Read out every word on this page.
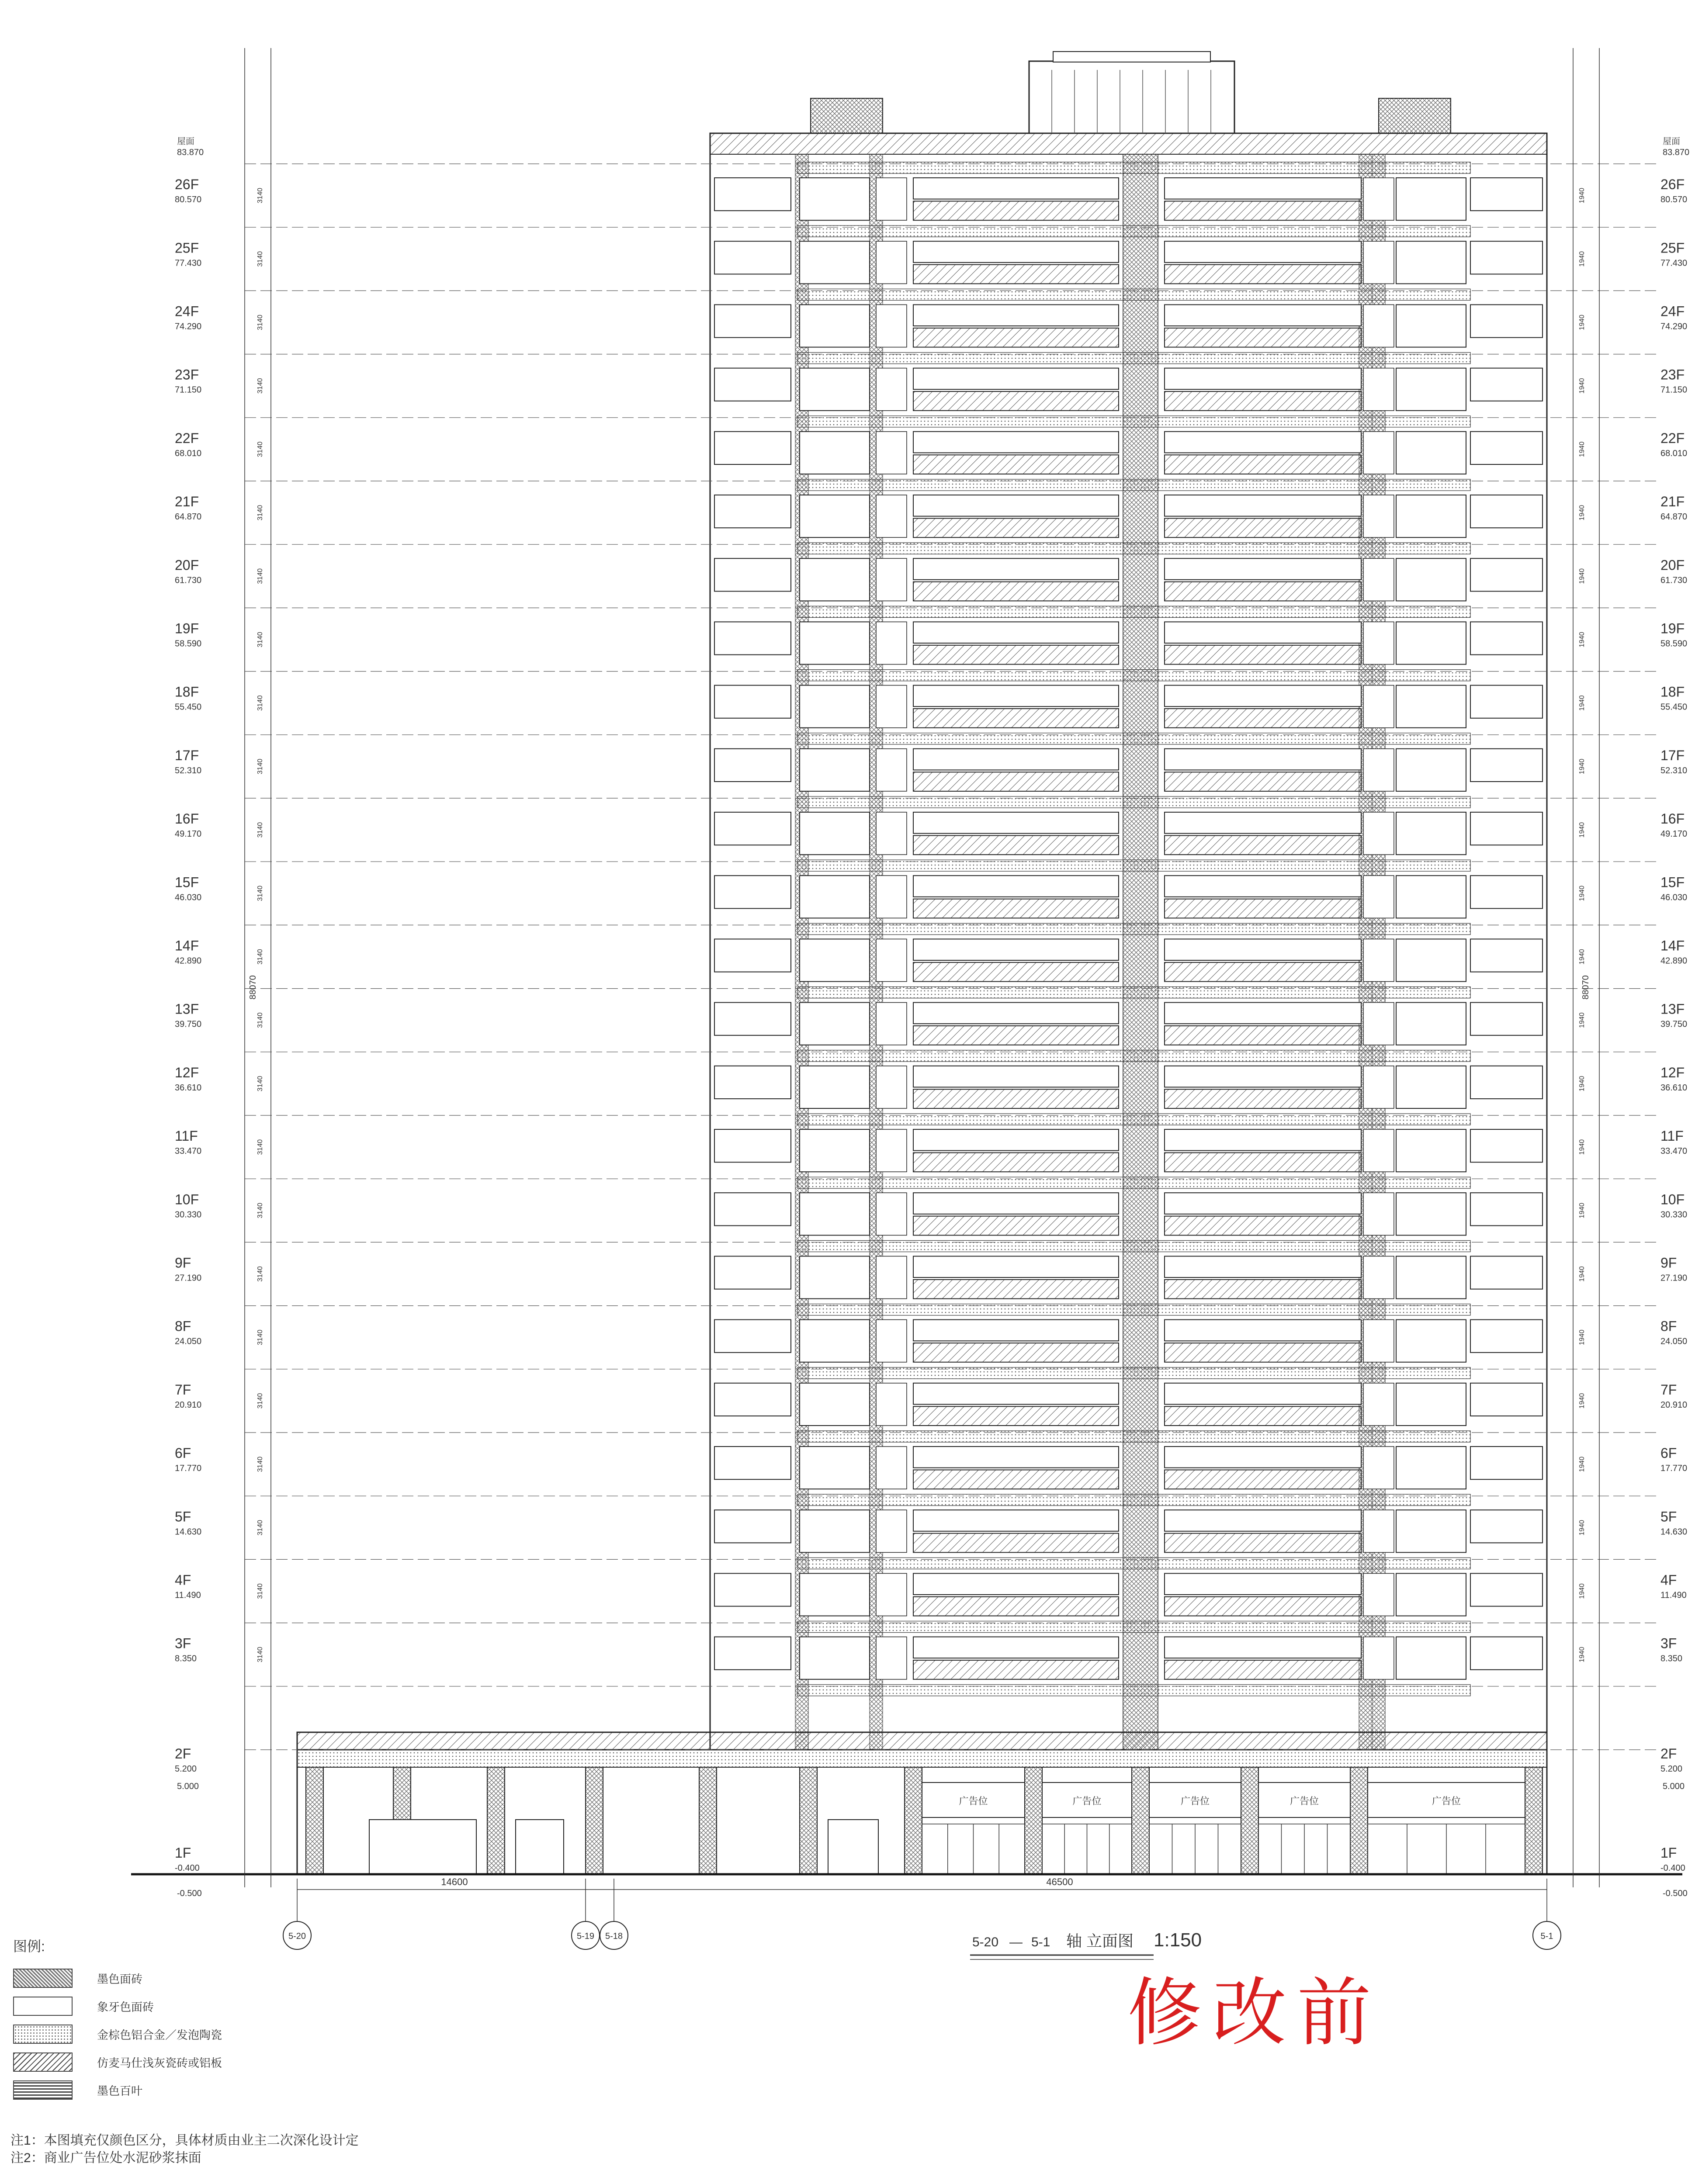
广告位	广告位	广告位	广告位	广告位
88070	88070
3140	1940
3140	1940
3140	1940
3140	1940
3140	1940
3140	1940
3140	1940
3140	1940
3140	1940
3140	1940
3140	1940
3140	1940
3140	1940
3140	1940
3140	1940
3140	1940
3140	1940
3140	1940
3140	1940
3140	1940
3140	1940
3140	1940
3140	1940
3140	1940
14600	46500
26F
80.570
26F
80.570
25F
77.430
25F
77.430
24F
74.290
24F
74.290
23F
71.150
23F
71.150
22F
68.010
22F
68.010
21F
64.870
21F
64.870
20F
61.730
20F
61.730
19F
58.590
19F
58.590
18F
55.450
18F
55.450
17F
52.310
17F
52.310
16F
49.170
16F
49.170
15F
46.030
15F
46.030
14F
42.890
14F
42.890
13F
39.750
13F
39.750
12F
36.610
12F
36.610
11F
33.470
11F
33.470
10F
30.330
10F
30.330
9F
27.190
9F
27.190
8F
24.050
8F
24.050
7F
20.910
7F
20.910
6F
17.770
6F
17.770
5F
14.630
5F
14.630
4F
11.490
4F
11.490
3F
8.350
3F
8.350
2F
5.200
2F
5.200
1F
-0.400
1F
-0.400
屋面
83.870
屋面
83.870
5.000	5.000
-0.500	-0.500
5-20	5-19 5-18	5-1
5-20 — 5-1 轴 立面图 1:150
修改前
图例:
墨色面砖
象牙色面砖
金棕色铝合金／发泡陶瓷
仿麦马仕浅灰瓷砖或铝板
墨色百叶
注1：本图填充仅颜色区分，具体材质由业主二次深化设计定
注2：商业广告位处水泥砂浆抹面
